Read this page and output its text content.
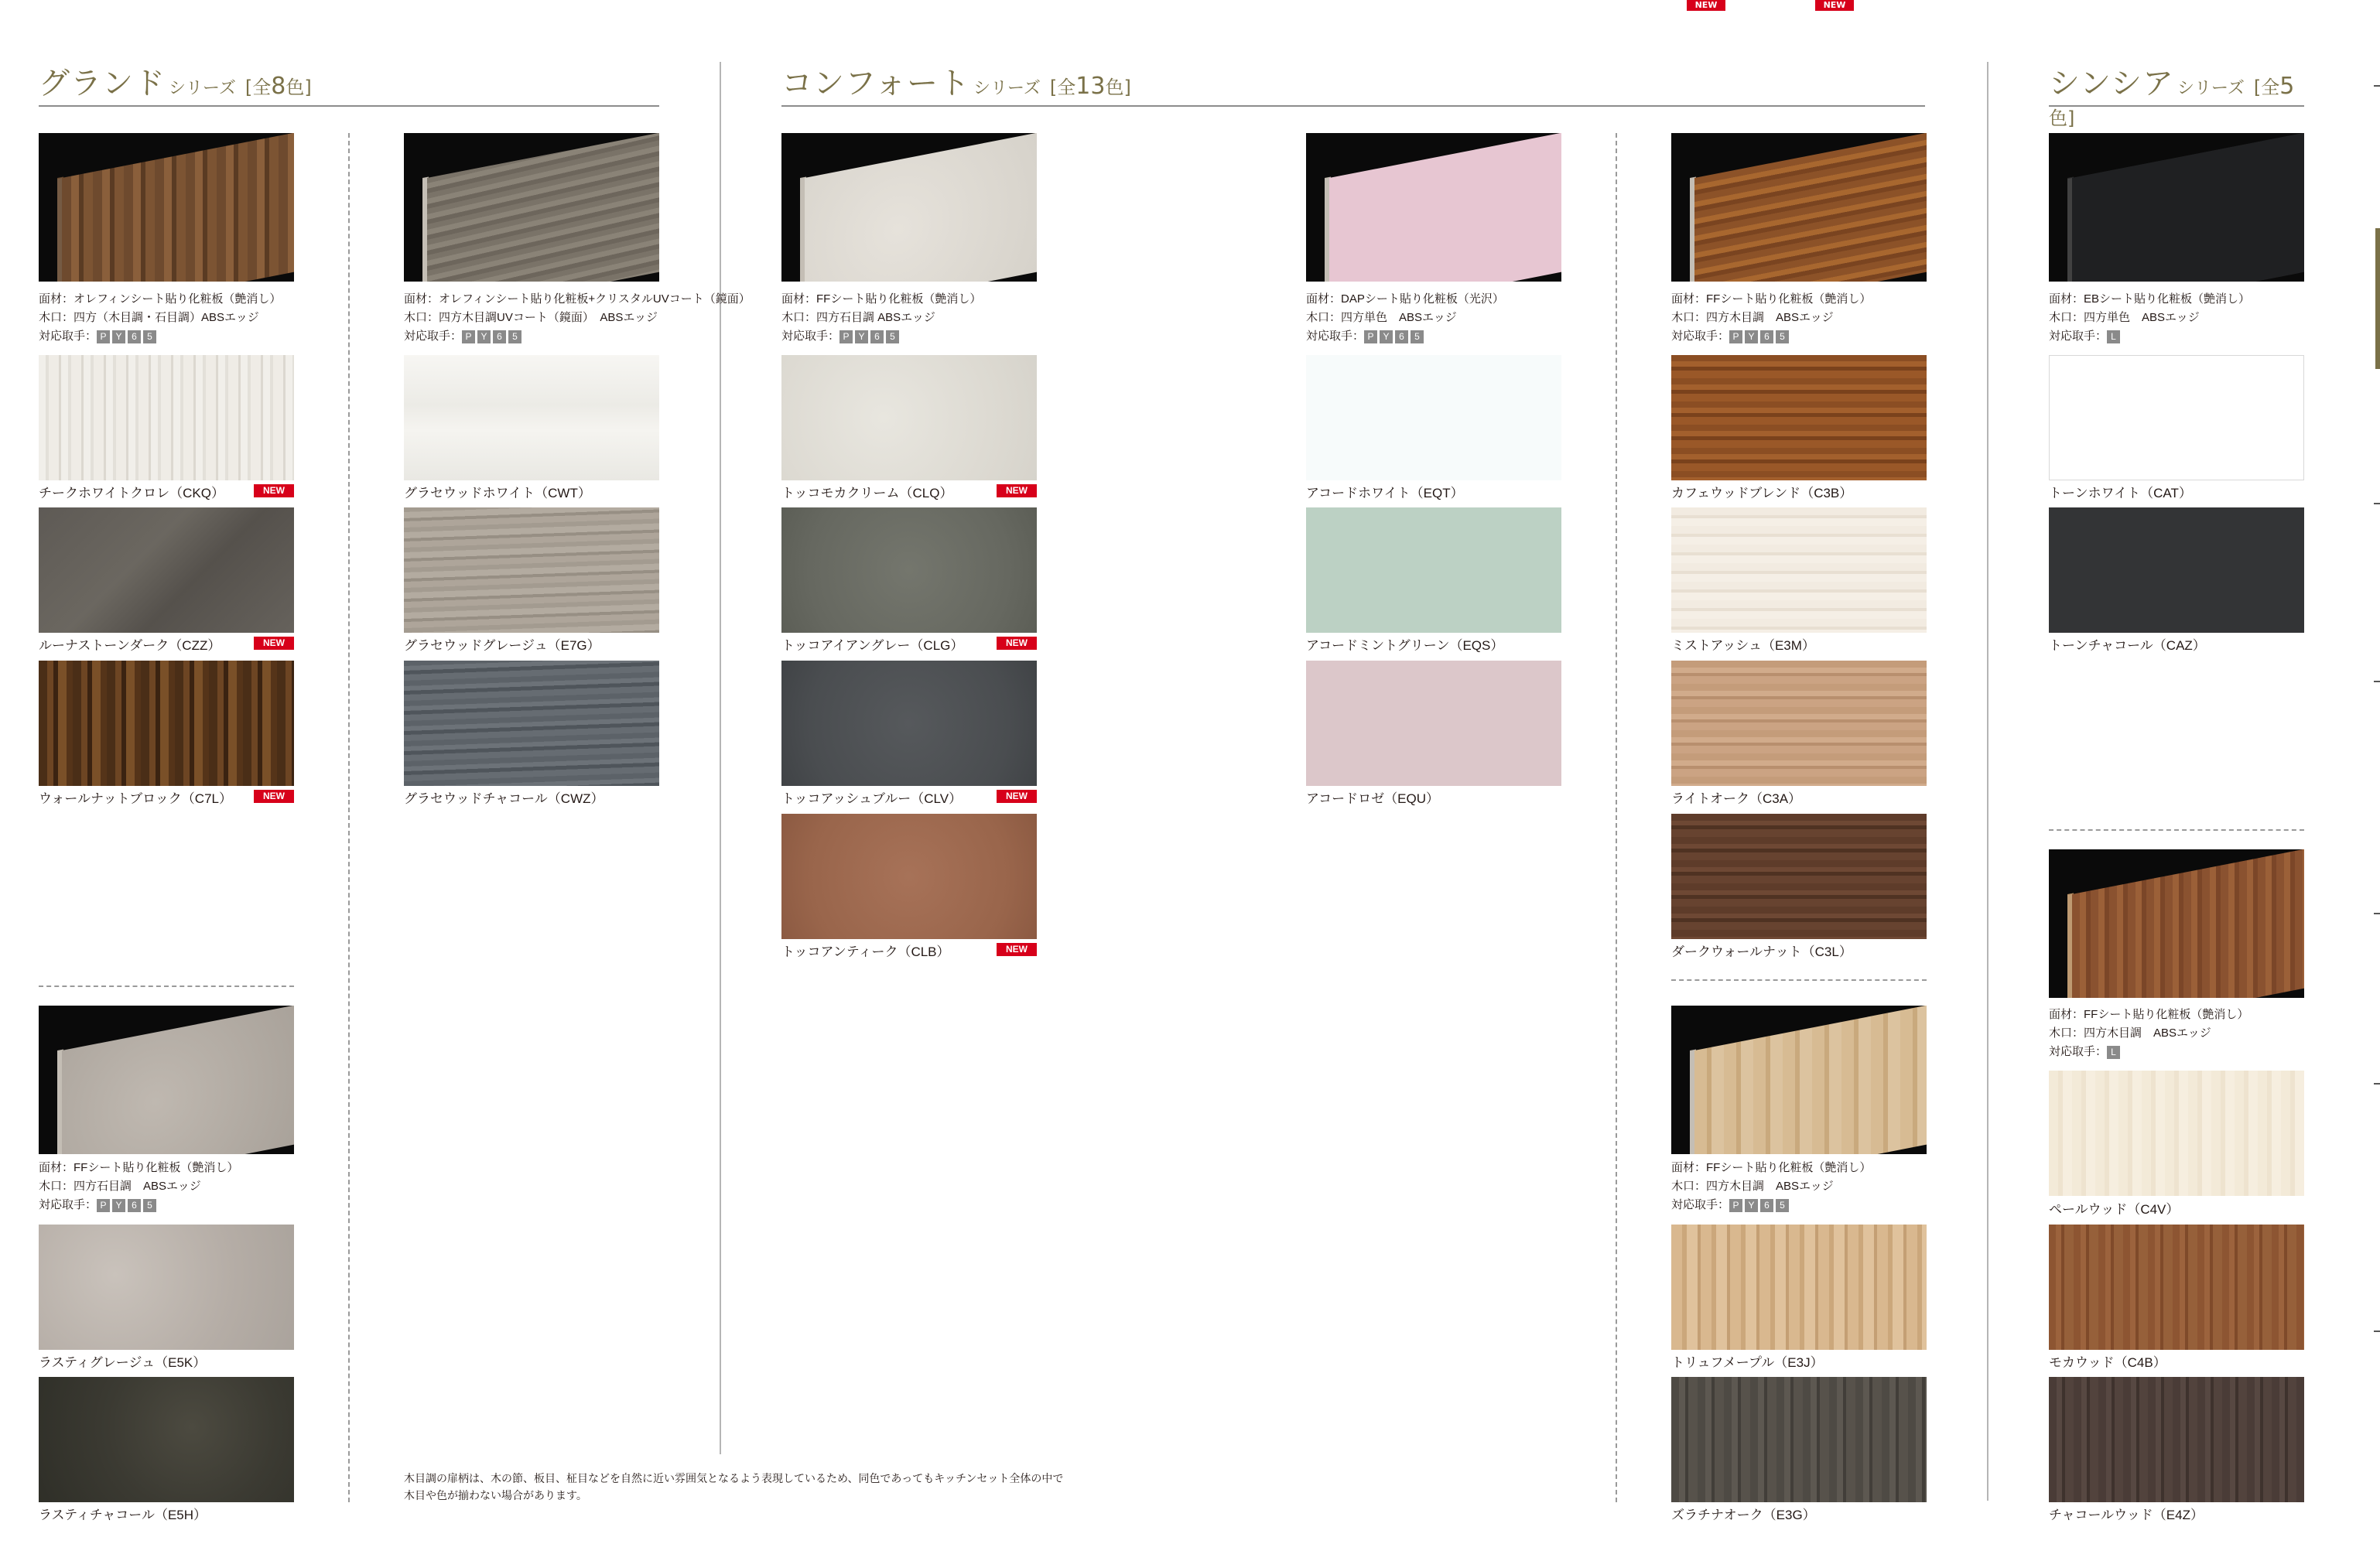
NEW	NEW
グランド シリーズ [全8色]	コンフォート シリーズ [全13色]	シンシア シリーズ [全5色]
面材：オレフィンシート貼り化粧板（艶消し）
木口：四方（木目調・石目調）ABSエッジ
対応取手： P Y 6 5
チークホワイトクロレ（CKQ）	NEW
ルーナストーンダーク（CZZ）	NEW
ウォールナットブロック（C7L）	NEW
面材：FFシート貼り化粧板（艶消し）
木口：四方石目調　ABSエッジ
対応取手： P Y 6 5
ラスティグレージュ（E5K）
ラスティチャコール（E5H）
面材：オレフィンシート貼り化粧板+クリスタルUVコート（鏡面）
木口：四方木目調UVコート（鏡面）　ABSエッジ
対応取手： P Y 6 5
グラセウッドホワイト（CWT）
グラセウッドグレージュ（E7G）
グラセウッドチャコール（CWZ）
木目調の扉柄は、木の節、板目、柾目などを自然に近い雰囲気となるよう表現しているため、同色であってもキッチンセット全体の中で
木目や色が揃わない場合があります。
面材：FFシート貼り化粧板（艶消し）
木口：四方石目調 ABSエッジ
対応取手： P Y 6 5
トッコモカクリーム（CLQ）	NEW
トッコアイアングレー（CLG）	NEW
トッコアッシュブルー（CLV）	NEW
トッコアンティーク（CLB）	NEW
面材：DAPシート貼り化粧板（光沢）
木口：四方単色　ABSエッジ
対応取手： P Y 6 5
アコードホワイト（EQT）
アコードミントグリーン（EQS）
アコードロゼ（EQU）
面材：FFシート貼り化粧板（艶消し）
木口：四方木目調　ABSエッジ
対応取手： P Y 6 5
カフェウッドブレンド（C3B）
ミストアッシュ（E3M）
ライトオーク（C3A）
ダークウォールナット（C3L）
面材：FFシート貼り化粧板（艶消し）
木口：四方木目調　ABSエッジ
対応取手： P Y 6 5
トリュフメープル（E3J）
ズラチナオーク（E3G）
面材：EBシート貼り化粧板（艶消し）
木口：四方単色　ABSエッジ
対応取手： L
トーンホワイト（CAT）
トーンチャコール（CAZ）
面材：FFシート貼り化粧板（艶消し）
木口：四方木目調　ABSエッジ
対応取手： L
ペールウッド（C4V）
モカウッド（C4B）
チャコールウッド（E4Z）
